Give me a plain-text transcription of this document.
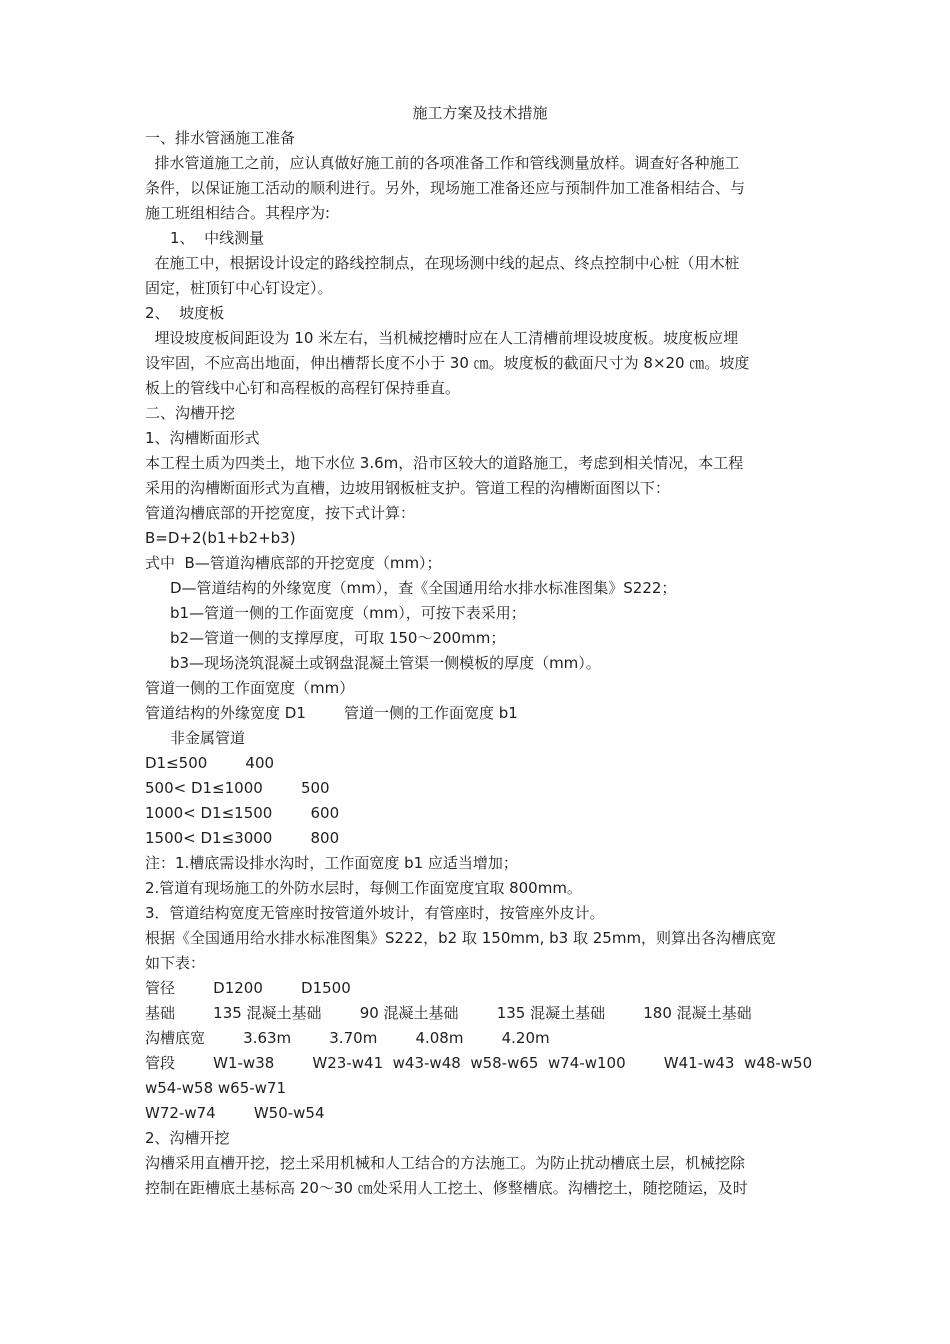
施工方案及技术措施
一、排水管涵施工准备
排水管道施工之前，应认真做好施工前的各项准备工作和管线测量放样。调查好各种施工
条件，以保证施工活动的顺利进行。另外，现场施工准备还应与预制件加工准备相结合、与
施工班组相结合。其程序为:
1、  中线测量
在施工中，根据设计设定的路线控制点，在现场测中线的起点、终点控制中心桩（用木桩
固定，桩顶钉中心钉设定）。
2、  坡度板
埋设坡度板间距设为 10 米左右，当机械挖槽时应在人工清槽前埋设坡度板。坡度板应埋
设牢固，不应高出地面，伸出槽帮长度不小于 30 ㎝。坡度板的截面尺寸为 8×20 ㎝。坡度
板上的管线中心钉和高程板的高程钉保持垂直。
二、沟槽开挖
1、沟槽断面形式
本工程土质为四类土，地下水位 3.6m，沿市区较大的道路施工，考虑到相关情况，本工程
采用的沟槽断面形式为直槽，边坡用钢板桩支护。管道工程的沟槽断面图以下：
管道沟槽底部的开挖宽度，按下式计算：
B=D+2(b1+b2+b3)
式中  B—管道沟槽底部的开挖宽度（mm）；
D—管道结构的外缘宽度（mm），查《全国通用给水排水标准图集》S222；
b1—管道一侧的工作面宽度（mm），可按下表采用；
b2—管道一侧的支撑厚度，可取 150～200mm；
b3—现场浇筑混凝土或钢盘混凝土管渠一侧模板的厚度（mm）。
管道一侧的工作面宽度（mm）
管道结构的外缘宽度 D1        管道一侧的工作面宽度 b1
非金属管道
D1≤500        400
500< D1≤1000        500
1000< D1≤1500        600
1500< D1≤3000        800
注：1.槽底需设排水沟时，工作面宽度 b1 应适当增加；
2.管道有现场施工的外防水层时，每侧工作面宽度宜取 800mm。
3．管道结构宽度无管座时按管道外坡计，有管座时，按管座外皮计。
根据《全国通用给水排水标准图集》S222，b2 取 150mm, b3 取 25mm，则算出各沟槽底宽
如下表：
管径        D1200        D1500
基础        135 混凝土基础        90 混凝土基础        135 混凝土基础        180 混凝土基础
沟槽底宽        3.63m        3.70m        4.08m        4.20m
管段        W1-w38        W23-w41  w43-w48  w58-w65  w74-w100        W41-w43  w48-w50
w54-w58 w65-w71
W72-w74        W50-w54
2、沟槽开挖
沟槽采用直槽开挖，挖土采用机械和人工结合的方法施工。为防止扰动槽底土层，机械挖除
控制在距槽底土基标高 20～30 ㎝处采用人工挖土、修整槽底。沟槽挖土，随挖随运，及时
